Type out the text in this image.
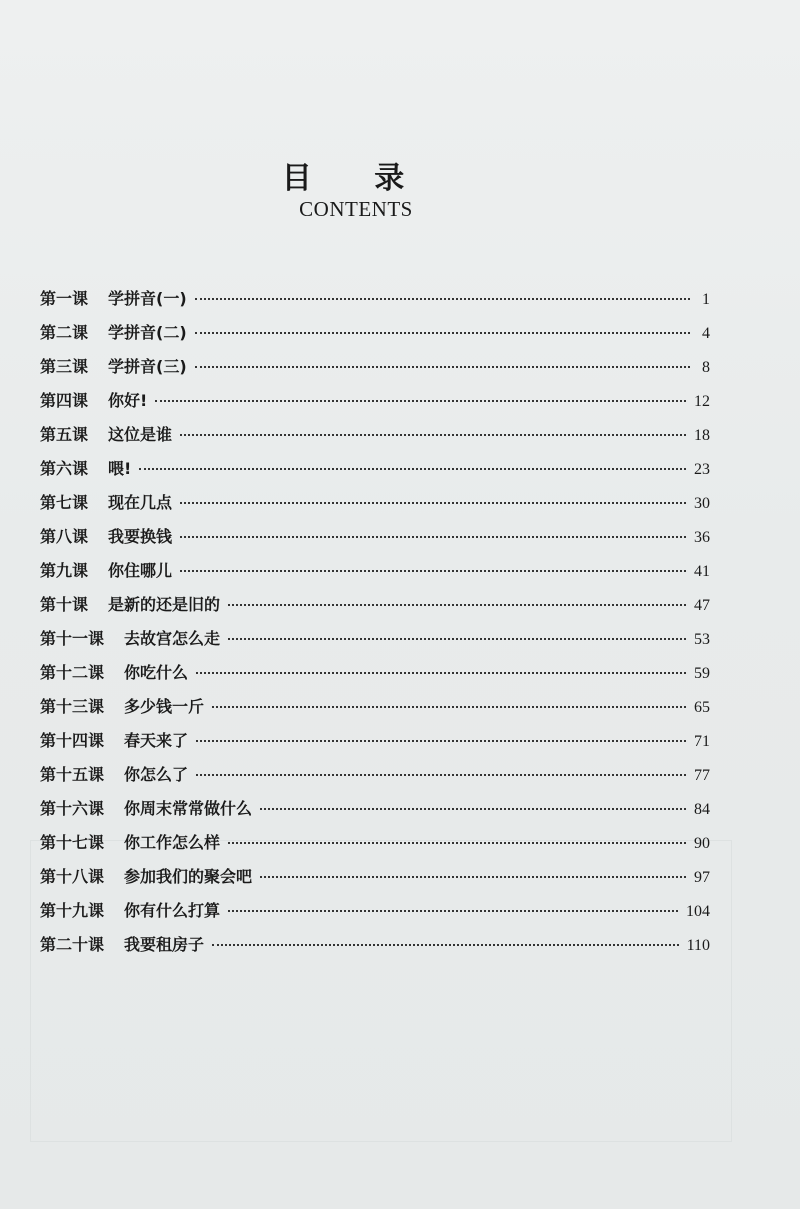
目 录
CONTENTS
第一课 学拼音(一)	1
第二课 学拼音(二)	4
第三课 学拼音(三)	8
第四课 你好!	12
第五课 这位是谁	18
第六课 喂!	23
第七课 现在几点	30
第八课 我要换钱	36
第九课 你住哪儿	41
第十课 是新的还是旧的	47
第十一课 去故宫怎么走	53
第十二课 你吃什么	59
第十三课 多少钱一斤	65
第十四课 春天来了	71
第十五课 你怎么了	77
第十六课 你周末常常做什么	84
第十七课 你工作怎么样	90
第十八课 参加我们的聚会吧	97
第十九课 你有什么打算	104
第二十课 我要租房子	110
